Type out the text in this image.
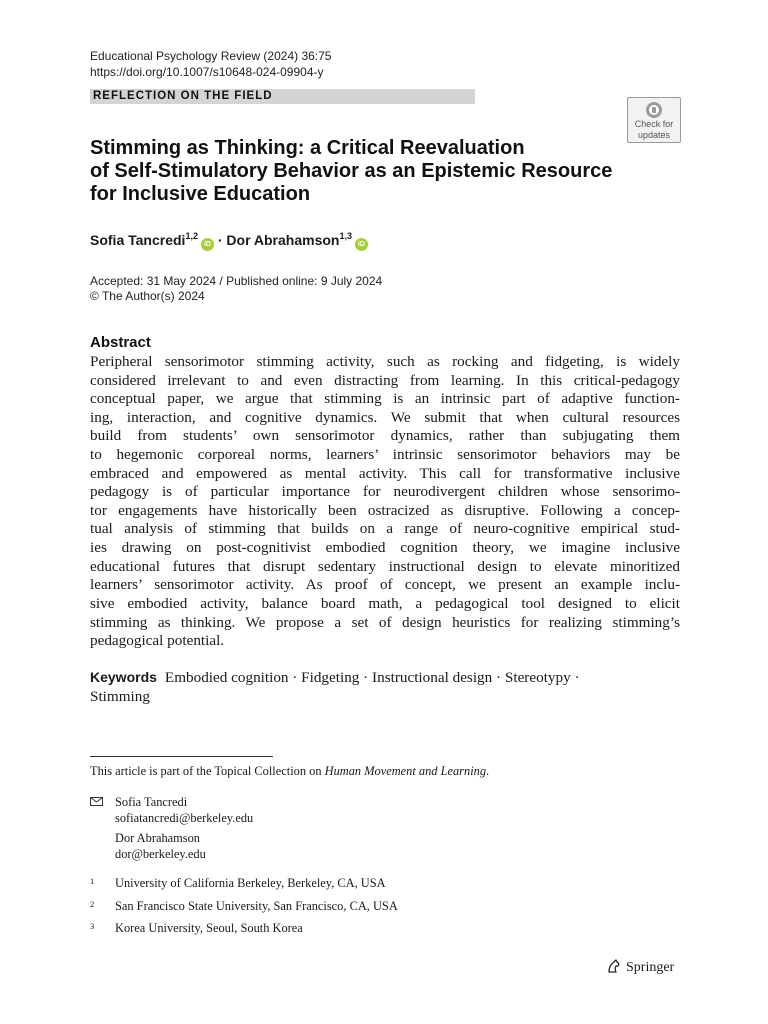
Educational Psychology Review (2024) 36:75
https://doi.org/10.1007/s10648-024-09904-y
REFLECTION ON THE FIELD
Check for
updates
Stimming as Thinking: a Critical Reevaluation
of Self-Stimulatory Behavior as an Epistemic Resource
for Inclusive Education
Sofia Tancredi$^{1,2}$iD · Dor Abrahamson$^{1,3}$iD
Accepted: 31 May 2024 / Published online: 9 July 2024
© The Author(s) 2024
Abstract
Peripheral sensorimotor stimming activity, such as rocking and fidgeting, is widely
considered irrelevant to and even distracting from learning. In this critical-pedagogy
conceptual paper, we argue that stimming is an intrinsic part of adaptive function-
ing, interaction, and cognitive dynamics. We submit that when cultural resources
build from students’ own sensorimotor dynamics, rather than subjugating them
to hegemonic corporeal norms, learners’ intrinsic sensorimotor behaviors may be
embraced and empowered as mental activity. This call for transformative inclusive
pedagogy is of particular importance for neurodivergent children whose sensorimo-
tor engagements have historically been ostracized as disruptive. Following a concep-
tual analysis of stimming that builds on a range of neuro-cognitive empirical stud-
ies drawing on post-cognitivist embodied cognition theory, we imagine inclusive
educational futures that disrupt sedentary instructional design to elevate minoritized
learners’ sensorimotor activity. As proof of concept, we present an example inclu-
sive embodied activity, balance board math, a pedagogical tool designed to elicit
stimming as thinking. We propose a set of design heuristics for realizing stimming’s
pedagogical potential.
Keywords Embodied cognition · Fidgeting · Instructional design · Stereotypy ·
Stimming
This article is part of the Topical Collection on Human Movement and Learning.
Sofia Tancredi
sofiatancredi@berkeley.edu
Dor Abrahamson
dor@berkeley.edu
1 University of California Berkeley, Berkeley, CA, USA
2 San Francisco State University, San Francisco, CA, USA
3 Korea University, Seoul, South Korea
Springer
